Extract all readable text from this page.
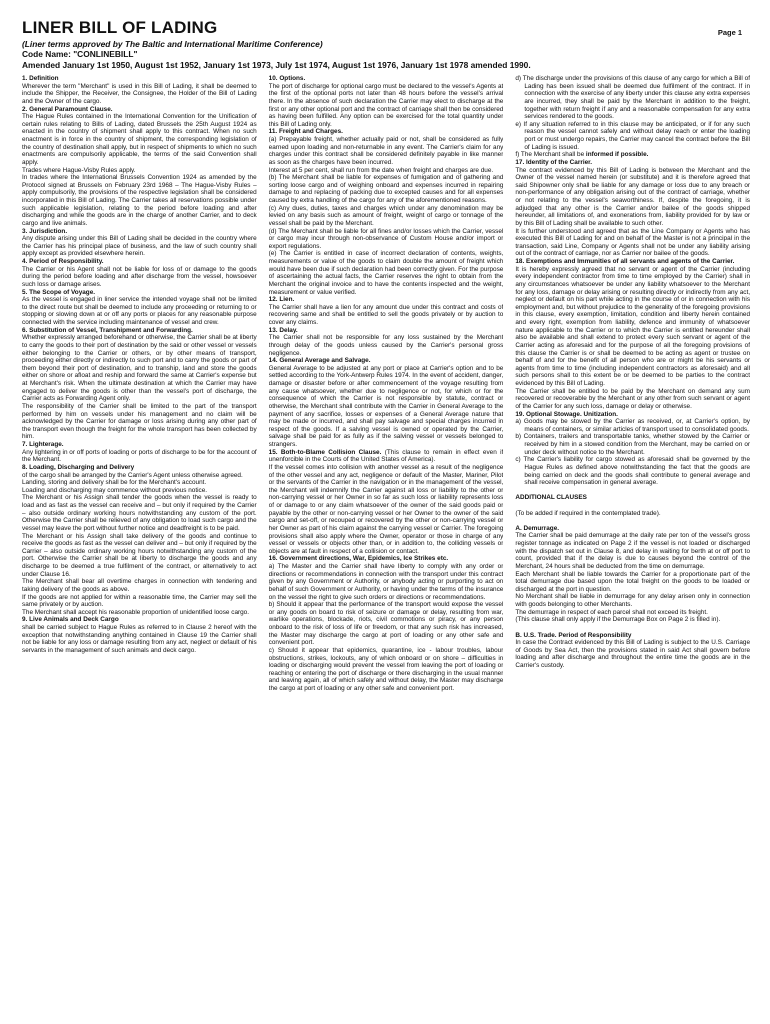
LINER BILL OF LADING	Page 1
(Liner terms approved by The Baltic and International Maritime Conference)
Code Name: "CONLINEBILL"
Amended January 1st 1950, August 1st 1952, January 1st 1973, July 1st 1974, August 1st 1976, January 1st 1978 amended 1990.

1. Definition

Wherever the term "Merchant" is used in this Bill of Lading, it shall be deemed to include the Shipper, the Receiver, the Consignee, the Holder of the Bill of Lading and the Owner of the cargo.

2. General Paramount Clause.

The Hague Rules contained in the International Convention for the Unification of certain rules relating to Bills of Lading, dated Brussels the 25th August 1924 as enacted in the country of shipment shall apply to this contract. When no such enactment is in force in the country of shipment, the corresponding legislation of the country of destination shall apply, but in respect of shipments to which no such enactments are compulsorily applicable, the terms of the said Convention shall apply.

Trades where Hague-Visby Rules apply.

In trades where the International Brussels Convention 1924 as amended by the Protocol signed at Brussels on February 23rd 1968 – The Hague-Visby Rules – apply compulsorily, the provisions of the respective legislation shall be considered incorporated in this Bill of Lading. The Carrier takes all reservations possible under such applicable legislation, relating to the period before loading and after discharging and while the goods are in the charge of another Carrier, and to deck cargo and live animals.

3. Jurisdiction.

Any dispute arising under this Bill of Lading shall be decided in the country where the Carrier has his principal place of business, and the law of such country shall apply except as provided elsewhere herein.

4. Period of Responsibility.

The Carrier or his Agent shall not be liable for loss of or damage to the goods during the period before loading and after discharge from the vessel, howsoever such loss or damage arises.

5. The Scope of Voyage.

As the vessel is engaged in liner service the intended voyage shall not be limited to the direct route but shall be deemed to include any proceeding or returning to or stopping or slowing down at or off any ports or places for any reasonable purpose connected with the service including maintenance of vessel and crew.

6. Substitution of Vessel, Transhipment and Forwarding.

Whether expressly arranged beforehand or otherwise, the Carrier shall be at liberty to carry the goods to their port of destination by the said or other vessel or vessels either belonging to the Carrier or others, or by other means of transport, proceeding either directly or indirectly to such port and to carry the goods or part of them beyond their port of destination, and to tranship, land and store the goods either on shore or afloat and reship and forward the same at Carrier's expense but at Merchant's risk. When the ultimate destination at which the Carrier may have engaged to deliver the goods is other than the vessel's port of discharge, the Carrier acts as Forwarding Agent only.

The responsibility of the Carrier shall be limited to the part of the transport performed by him on vessels under his management and no claim will be acknowledged by the Carrier for damage or loss arising during any other part of the transport even though the freight for the whole transport has been collected by him.

7. Lighterage.

Any lightering in or off ports of loading or ports of discharge to be for the account of the Merchant.

8. Loading, Discharging and Delivery

of the cargo shall be arranged by the Carrier's Agent unless otherwise agreed.

Landing, storing and delivery shall be for the Merchant's account.

Loading and discharging may commence without previous notice.

The Merchant or his Assign shall tender the goods when the vessel is ready to load and as fast as the vessel can receive and – but only if required by the Carrier – also outside ordinary working hours notwithstanding any custom of the port. Otherwise the Carrier shall be relieved of any obligation to load such cargo and the vessel may leave the port without further notice and deadfreight is to be paid.

The Merchant or his Assign shall take delivery of the goods and continue to receive the goods as fast as the vessel can deliver and – but only if required by the Carrier – also outside ordinary working hours notwithstanding any custom of the port. Otherwise the Carrier shall be at liberty to discharge the goods and any discharge to be deemed a true fulfilment of the contract, or alternatively to act under Clause 16.

The Merchant shall bear all overtime charges in connection with tendering and taking delivery of the goods as above.

If the goods are not applied for within a reasonable time, the Carrier may sell the same privately or by auction.

The Merchant shall accept his reasonable proportion of unidentified loose cargo.

9. Live Animals and Deck Cargo

shall be carried subject to Hague Rules as referred to in Clause 2 hereof with the exception that notwithstanding anything contained in Clause 19 the Carrier shall not be liable for any loss or damage resulting from any act, neglect or default of his servants in the management of such animals and deck cargo.

10. Options.

The port of discharge for optional cargo must be declared to the vessel's Agents at the first of the optional ports not later than 48 hours before the vessel's arrival there. In the absence of such declaration the Carrier may elect to discharge at the first or any other optional port and the contract of carriage shall then be considered as having been fulfilled. Any option can be exercised for the total quantity under this Bill of Lading only.

11. Freight and Charges.

(a) Prepayable freight, whether actually paid or not, shall be considered as fully earned upon loading and non-returnable in any event. The Carrier's claim for any charges under this contract shall be considered definitely payable in like manner as soon as the charges have been incurred.

Interest at 5 per cent, shall run from the date when freight and charges are due.

(b) The Merchant shall be liable for expenses of fumigation and of gathering and sorting loose cargo and of weighing onboard and expenses incurred in repairing damage to and replacing of packing due to excepted causes and for all expenses caused by extra handling of the cargo for any of the aforementioned reasons.

(c) Any dues, duties, taxes and charges which under any denomination may be levied on any basis such as amount of freight, weight of cargo or tonnage of the vessel shall be paid by the Merchant.

(d) The Merchant shall be liable for all fines and/or losses which the Carrier, vessel or cargo may incur through non-observance of Custom House and/or import or export regulations.

(e) The Carrier is entitled in case of incorrect declaration of contents, weights, measurements or value of the goods to claim double the amount of freight which would have been due if such declaration had been correctly given. For the purpose of ascertaining the actual facts, the Carrier reserves the right to obtain from the Merchant the original invoice and to have the contents inspected and the weight, measurement or value verified.

12. Lien.

The Carrier shall have a lien for any amount due under this contract and costs of recovering same and shall be entitled to sell the goods privately or by auction to cover any claims.

13. Delay.

The Carrier shall not be responsible for any loss sustained by the Merchant through delay of the goods unless caused by the Carrier's personal gross negligence.

14. General Average and Salvage.

General Average to be adjusted at any port or place at Carrier's option and to be settled according to the York-Antwerp Rules 1974. In the event of accident, danger, damage or disaster before or after commencement of the voyage resulting from any cause whatsoever, whether due to negligence or not, for which or for the consequence of which the Carrier is not responsible by statute, contract or otherwise, the Merchant shall contribute with the Carrier in General Average to the payment of any sacrifice, losses or expenses of a General Average nature that may be made or incurred, and shall pay salvage and special charges incurred in respect of the goods. If a salving vessel is owned or operated by the Carrier, salvage shall be paid for as fully as if the salving vessel or vessels belonged to strangers.

15. Both-to-Blame Collision Clause. (This clause to remain in effect even if unenforcible in the Courts of the United States of America).

If the vessel comes into collision with another vessel as a result of the negligence of the other vessel and any act, negligence or default of the Master, Mariner, Pilot or the servants of the Carrier in the navigation or in the management of the vessel, the Merchant will indemnify the Carrier against all loss or liability to the other or non-carrying vessel or her Owner in so far as such loss or liability represents loss of or damage to or any claim whatsoever of the owner of the said goods paid or payable by the other or non-carrying vessel or her Owner to the owner of the said cargo and set-off, or recouped or recovered by the other or non-carrying vessel or her Owner as part of his claim against the carrying vessel or Carrier. The foregoing provisions shall also apply where the Owner, operator or those in charge of any vessel or vessels or objects other than, or in addition to, the colliding vessels or objects are at fault in respect of a collision or contact.

16. Government directions, War, Epidemics, Ice Strikes etc.

a) The Master and the Carrier shall have liberty to comply with any order or directions or recommendations in connection with the transport under this contract given by any Government or Authority, or anybody acting or purporting to act on behalf of such Government or Authority, or having under the terms of the insurance on the vessel the right to give such orders or directions or recommendations.

b) Should it appear that the performance of the transport would expose the vessel or any goods on board to risk of seizure or damage or delay, resulting from war, warlike operations, blockade, riots, civil commotions or piracy, or any person onboard to the risk of loss of life or freedom, or that any such risk has increased, the Master may discharge the cargo at port of loading or any other safe and convenient port.

c) Should it appear that epidemics, quarantine, ice - labour troubles, labour obstructions, strikes, lockouts, any of which onboard or on shore – difficulties in loading or discharging would prevent the vessel from leaving the port of loading or reaching or entering the port of discharge or there discharging in the usual manner and leaving again, all of which safely and without delay, the Master may discharge the cargo at port of loading or any other safe and convenient port.

d) The discharge under the provisions of this clause of any cargo for which a Bill of Lading has been issued shall be deemed due fulfilment of the contract. If in connection with the exercise of any liberty under this clause any extra expenses are incurred, they shall be paid by the Merchant in addition to the freight, together with return freight if any and a reasonable compensation for any extra services rendered to the goods.

e) If any situation referred to in this clause may be anticipated, or if for any such reason the vessel cannot safely and without delay reach or enter the loading port or must undergo repairs, the Carrier may cancel the contract before the Bill of Lading is issued.

f) The Merchant shall be informed if possible.

17. Identity of the Carrier.

The contract evidenced by this Bill of Lading is between the Merchant and the Owner of the vessel named herein (or substitute) and it is therefore agreed that said Shipowner only shall be liable for any damage or loss due to any breach or non-performance of any obligation arising out of the contract of carriage, whether or not relating to the vessel's seaworthiness. If, despite the foregoing, it is adjudged that any other is the Carrier and/or bailee of the goods shipped hereunder, all limitations of, and exonerations from, liability provided for by law or by this Bill of Lading shall be available to such other.

It is further understood and agreed that as the Line Company or Agents who has executed this Bill of Lading for and on behalf of the Master is not a principal in the transaction, said Line, Company or Agents shall not be under any liability arising out of the contract of carriage, nor as Carrier nor bailee of the goods.

18. Exemptions and Immunities of all servants and agents of the Carrier.

It is hereby expressly agreed that no servant or agent of the Carrier (including every independent contractor from time to time employed by the Carrier) shall in any circumstances whatsoever be under any liability whatsoever to the Merchant for any loss, damage or delay arising or resulting directly or indirectly from any act, neglect or default on his part while acting in the course of or in connection with his employment and, but without prejudice to the generality of the foregoing provisions in this clause, every exemption, limitation, condition and liberty herein contained and every right, exemption from liability, defence and immunity of whatsoever nature applicable to the Carrier or to which the Carrier is entitled hereunder shall also be available and shall extend to protect every such servant or agent of the Carrier acting as aforesaid and for the purpose of all the foregoing provisions of this clause the Carrier is or shall be deemed to be acting as agent or trustee on behalf of and for the benefit of all person who are or might be his servants or agents from time to time (including independent contractors as aforesaid) and all such persons shall to this extent be or be deemed to be parties to the contract evidenced by this Bill of Lading.

The Carrier shall be entitled to be paid by the Merchant on demand any sum recovered or recoverable by the Merchant or any other from such servant or agent of the Carrier for any such loss, damage or delay or otherwise.

19. Optional Stowage. Unitization.

a) Goods may be stowed by the Carrier as received, or, at Carrier's option, by means of containers, or similar articles of transport used to consolidated goods.

b) Containers, trailers and transportable tanks, whether stowed by the Carrier or received by him in a stowed condition from the Merchant, may be carried on or under deck without notice to the Merchant.

c) The Carrier's liability for cargo stowed as aforesaid shall be governed by the Hague Rules as defined above notwithstanding the fact that the goods are being carried on deck and the goods shall contribute to general average and shall receive compensation in general average.

ADDITIONAL CLAUSES

(To be added if required in the contemplated trade).

A. Demurrage.

The Carrier shall be paid demurrage at the daily rate per ton of the vessel's gross register tonnage as indicated on Page 2 if the vessel is not loaded or discharged with the dispatch set out in Clause 8, and delay in waiting for berth at or off port to count, provided that if the delay is due to causes beyond the control of the Merchant, 24 hours shall be deducted from the time on demurrage.

Each Merchant shall be liable towards the Carrier for a proportionate part of the total demurrage due based upon the total freight on the goods to be loaded or discharged at the port in question.

No Merchant shall be liable in demurrage for any delay arisen only in connection with goods belonging to other Merchants.

The demurrage in respect of each parcel shall not exceed its freight.

(This clause shall only apply if the Demurrage Box on Page 2 is filled in).

B. U.S. Trade. Period of Responsibility

In case the Contract evidenced by this Bill of Lading is subject to the U.S. Carriage of Goods by Sea Act, then the provisions stated in said Act shall govern before loading and after discharge and throughout the entire time the goods are in the Carrier's custody.
